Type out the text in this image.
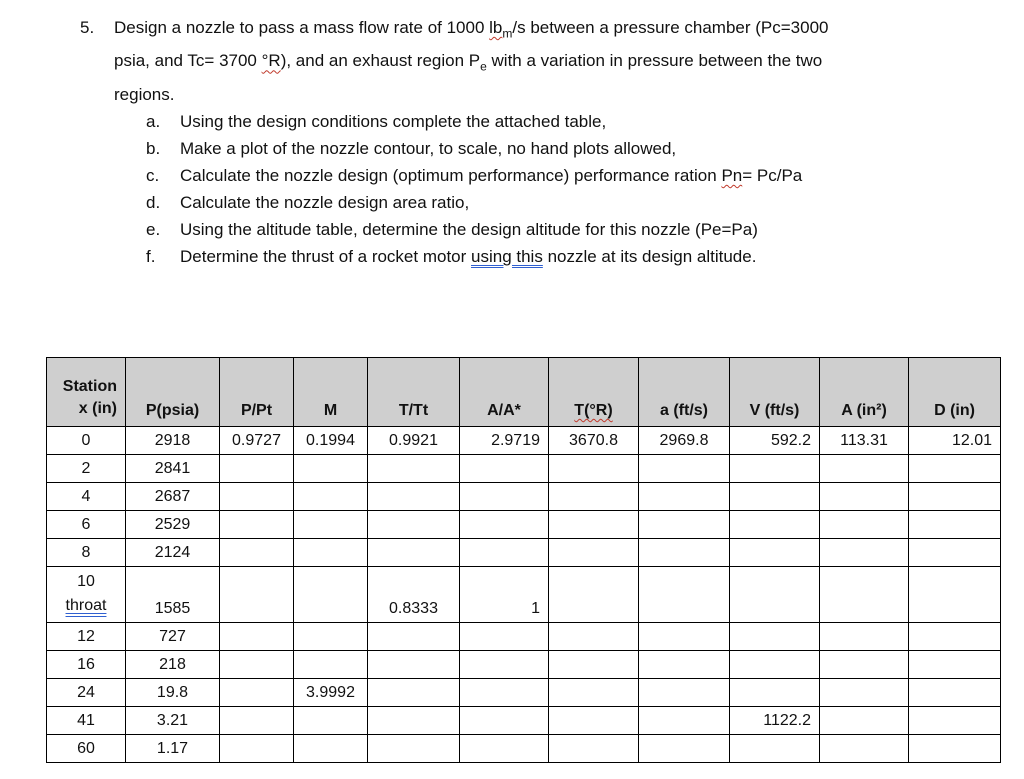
5. Design a nozzle to pass a mass flow rate of 1000 $lb_m/s$ between a pressure chamber (Pc=3000
psia, and Tc= 3700 °R), and an exhaust region $P_e$ with a variation in pressure between the two
regions.
a. Using the design conditions complete the attached table,
b. Make a plot of the nozzle contour, to scale, no hand plots allowed,
c. Calculate the nozzle design (optimum performance) performance ration Pn= Pc/Pa
d. Calculate the nozzle design area ratio,
e. Using the altitude table, determine the design altitude for this nozzle (Pe=Pa)
f. Determine the thrust of a rocket motor using this nozzle at its design altitude.
Station
x (in)	P(psia)	P/Pt	M	T/Tt	A/A*	T(°R)	a (ft/s)	V (ft/s)	A (in²)	D (in)
0	2918	0.9727	0.1994	0.9921	2.9719	3670.8	2969.8	592.2	113.31	12.01
2	2841									
4	2687									
6	2529									
8	2124									
10
throat	1585			0.8333	1					
12	727									
16	218									
24	19.8		3.9992							
41	3.21							1122.2		
60	1.17									
